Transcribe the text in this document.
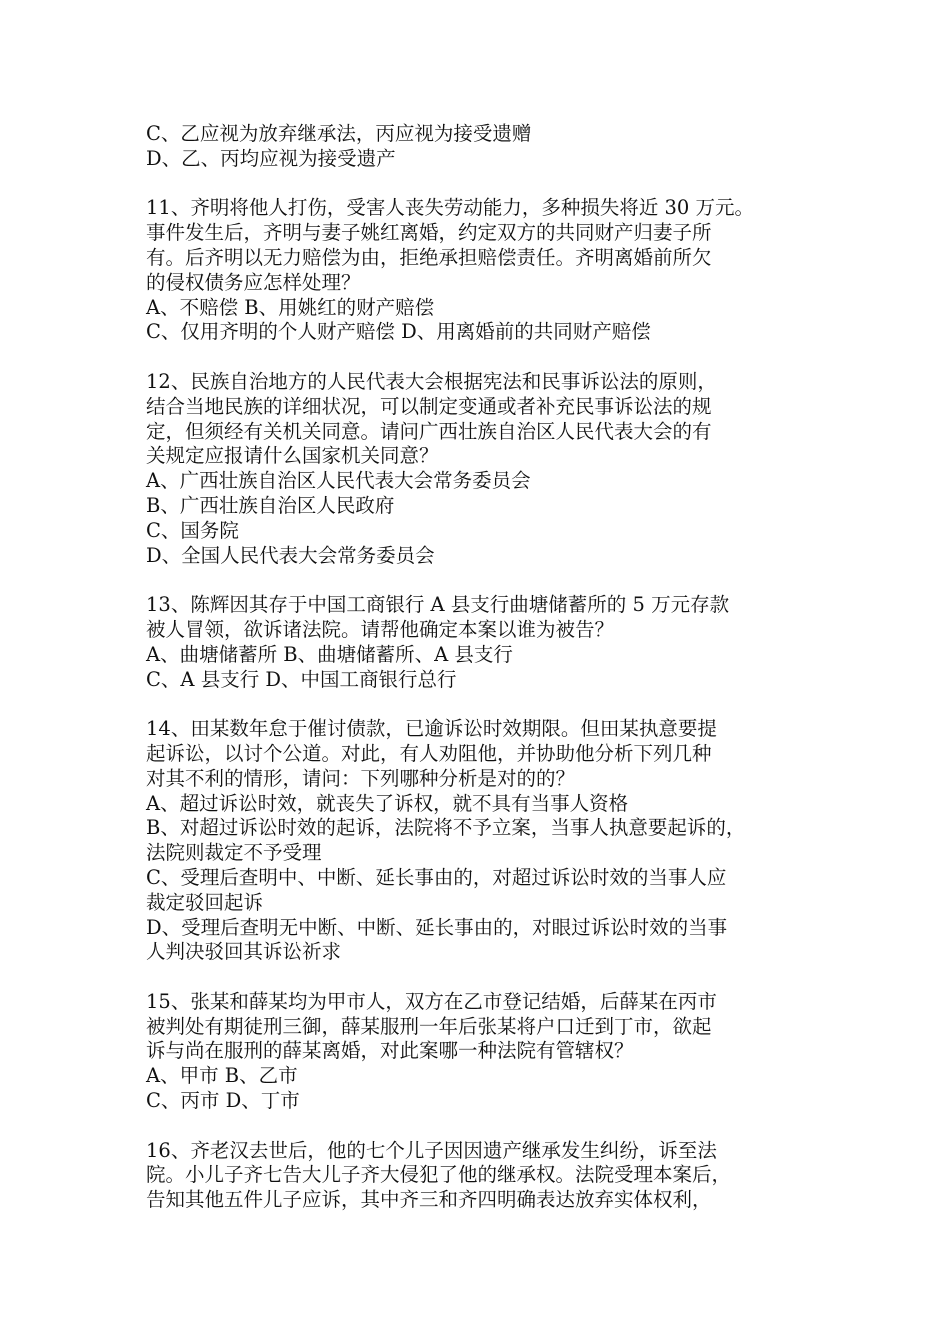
C、乙应视为放弃继承法，丙应视为接受遗赠
D、乙、丙均应视为接受遗产
11、齐明将他人打伤，受害人丧失劳动能力，多种损失将近 30 万元。
事件发生后，齐明与妻子姚红离婚，约定双方的共同财产归妻子所
有。后齐明以无力赔偿为由，拒绝承担赔偿责任。齐明离婚前所欠
的侵权债务应怎样处理？
A、不赔偿 B、用姚红的财产赔偿
C、仅用齐明的个人财产赔偿 D、用离婚前的共同财产赔偿
12、民族自治地方的人民代表大会根据宪法和民事诉讼法的原则，
结合当地民族的详细状况，可以制定变通或者补充民事诉讼法的规
定，但须经有关机关同意。请问广西壮族自治区人民代表大会的有
关规定应报请什么国家机关同意？
A、广西壮族自治区人民代表大会常务委员会
B、广西壮族自治区人民政府
C、国务院
D、全国人民代表大会常务委员会
13、陈辉因其存于中国工商银行 A 县支行曲塘储蓄所的 5 万元存款
被人冒领，欲诉诸法院。请帮他确定本案以谁为被告？
A、曲塘储蓄所 B、曲塘储蓄所、A 县支行
C、A 县支行 D、中国工商银行总行
14、田某数年怠于催讨债款，已逾诉讼时效期限。但田某执意要提
起诉讼，以讨个公道。对此，有人劝阻他，并协助他分析下列几种
对其不利的情形，请问：下列哪种分析是对的的？
A、超过诉讼时效，就丧失了诉权，就不具有当事人资格
B、对超过诉讼时效的起诉，法院将不予立案，当事人执意要起诉的，
法院则裁定不予受理
C、受理后查明中、中断、延长事由的，对超过诉讼时效的当事人应
裁定驳回起诉
D、受理后查明无中断、中断、延长事由的，对眼过诉讼时效的当事
人判决驳回其诉讼祈求
15、张某和薛某均为甲市人，双方在乙市登记结婚，后薛某在丙市
被判处有期徒刑三御，薛某服刑一年后张某将户口迁到丁市，欲起
诉与尚在服刑的薛某离婚，对此案哪一种法院有管辖权？
A、甲市 B、乙市
C、丙市 D、丁市
16、齐老汉去世后，他的七个儿子因因遗产继承发生纠纷，诉至法
院。小儿子齐七告大儿子齐大侵犯了他的继承权。法院受理本案后，
告知其他五件儿子应诉，其中齐三和齐四明确表达放弃实体权利，
